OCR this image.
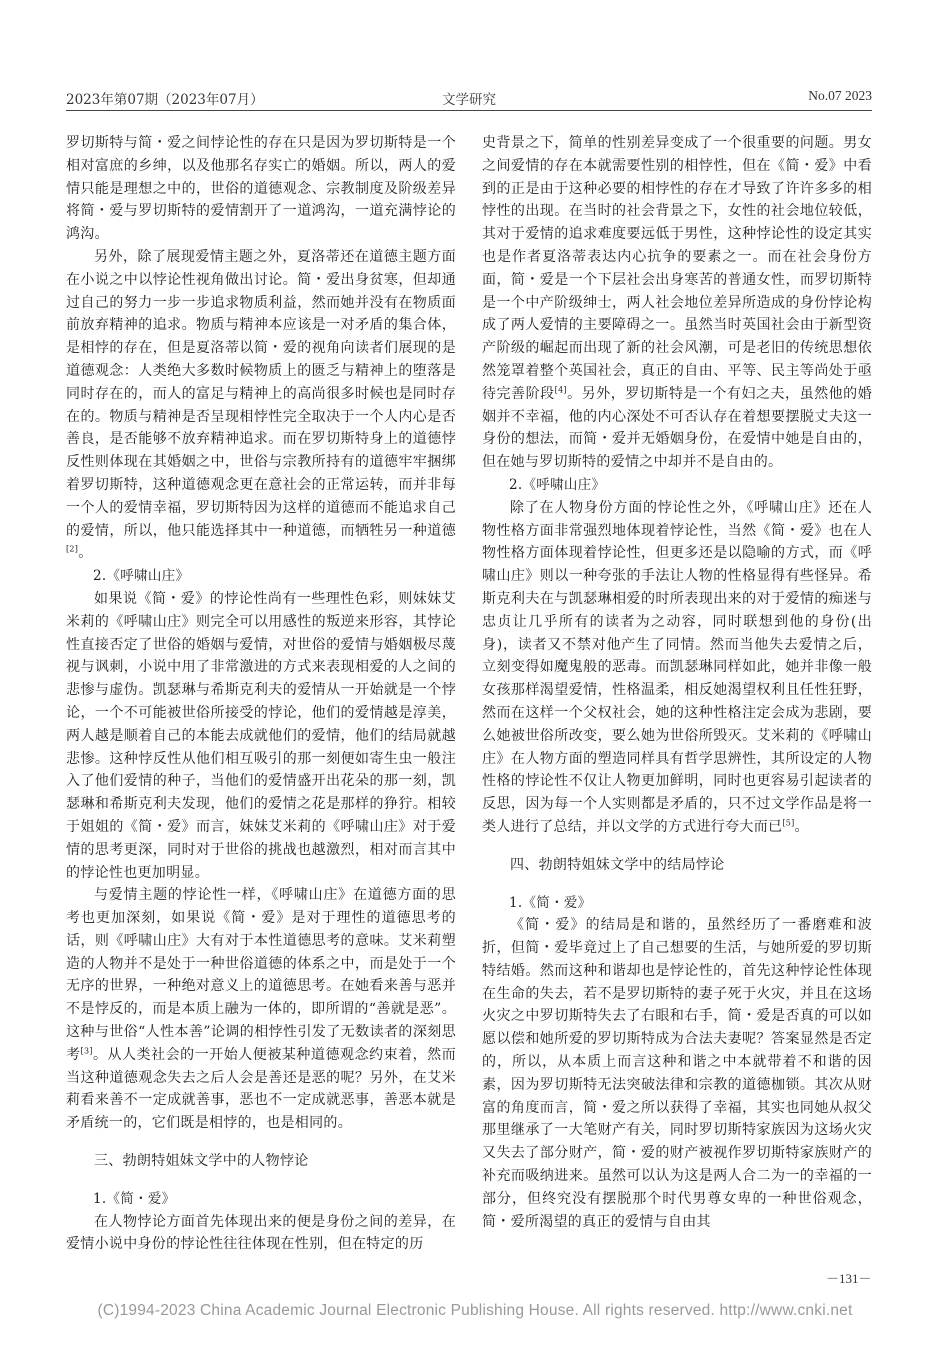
2023年第07期（2023年07月）	文学研究	No.07 2023

罗切斯特与简・爱之间悖论性的存在只是因为罗切斯特是一个相对富庶的乡绅，以及他那名存实亡的婚姻。所以，两人的爱情只能是理想之中的，世俗的道德观念、宗教制度及阶级差异将简・爱与罗切斯特的爱情割开了一道鸿沟，一道充满悖论的鸿沟。

另外，除了展现爱情主题之外，夏洛蒂还在道德主题方面在小说之中以悖论性视角做出讨论。简・爱出身贫寒，但却通过自己的努力一步一步追求物质利益，然而她并没有在物质面前放弃精神的追求。物质与精神本应该是一对矛盾的集合体，是相悖的存在，但是夏洛蒂以简・爱的视角向读者们展现的是道德观念：人类绝大多数时候物质上的匮乏与精神上的堕落是同时存在的，而人的富足与精神上的高尚很多时候也是同时存在的。物质与精神是否呈现相悖性完全取决于一个人内心是否善良，是否能够不放弃精神追求。而在罗切斯特身上的道德悖反性则体现在其婚姻之中，世俗与宗教所持有的道德牢牢捆绑着罗切斯特，这种道德观念更在意社会的正常运转，而并非每一个人的爱情幸福，罗切斯特因为这样的道德而不能追求自己的爱情，所以，他只能选择其中一种道德，而牺牲另一种道德[2]。

2.《呼啸山庄》

如果说《简・爱》的悖论性尚有一些理性色彩，则妹妹艾米莉的《呼啸山庄》则完全可以用感性的叛逆来形容，其悖论性直接否定了世俗的婚姻与爱情，对世俗的爱情与婚姻极尽蔑视与讽刺，小说中用了非常激进的方式来表现相爱的人之间的悲惨与虚伪。凯瑟琳与希斯克利夫的爱情从一开始就是一个悖论，一个不可能被世俗所接受的悖论，他们的爱情越是淳美，两人越是顺着自己的本能去成就他们的爱情，他们的结局就越悲惨。这种悖反性从他们相互吸引的那一刻便如寄生虫一般注入了他们爱情的种子，当他们的爱情盛开出花朵的那一刻，凯瑟琳和希斯克利夫发现，他们的爱情之花是那样的狰狞。相较于姐姐的《简・爱》而言，妹妹艾米莉的《呼啸山庄》对于爱情的思考更深，同时对于世俗的挑战也越激烈，相对而言其中的悖论性也更加明显。

与爱情主题的悖论性一样，《呼啸山庄》在道德方面的思考也更加深刻，如果说《简・爱》是对于理性的道德思考的话，则《呼啸山庄》大有对于本性道德思考的意味。艾米莉塑造的人物并不是处于一种世俗道德的体系之中，而是处于一个无序的世界，一种绝对意义上的道德思考。在她看来善与恶并不是悖反的，而是本质上融为一体的，即所谓的“善就是恶”。这种与世俗“人性本善”论调的相悖性引发了无数读者的深刻思考[3]。从人类社会的一开始人便被某种道德观念约束着，然而当这种道德观念失去之后人会是善还是恶的呢？另外，在艾米莉看来善不一定成就善事，恶也不一定成就恶事，善恶本就是矛盾统一的，它们既是相悖的，也是相同的。

三、勃朗特姐妹文学中的人物悖论

1.《简・爱》

在人物悖论方面首先体现出来的便是身份之间的差异，在爱情小说中身份的悖论性往往体现在性别，但在特定的历

史背景之下，简单的性别差异变成了一个很重要的问题。男女之间爱情的存在本就需要性别的相悖性，但在《简・爱》中看到的正是由于这种必要的相悖性的存在才导致了许许多多的相悖性的出现。在当时的社会背景之下，女性的社会地位较低，其对于爱情的追求难度要远低于男性，这种悖论性的设定其实也是作者夏洛蒂表达内心抗争的要素之一。而在社会身份方面，简・爱是一个下层社会出身寒苦的普通女性，而罗切斯特是一个中产阶级绅士，两人社会地位差异所造成的身份悖论构成了两人爱情的主要障碍之一。虽然当时英国社会由于新型资产阶级的崛起而出现了新的社会风潮，可是老旧的传统思想依然笼罩着整个英国社会，真正的自由、平等、民主等尚处于亟待完善阶段[4]。另外，罗切斯特是一个有妇之夫，虽然他的婚姻并不幸福，他的内心深处不可否认存在着想要摆脱丈夫这一身份的想法，而简・爱并无婚姻身份，在爱情中她是自由的，但在她与罗切斯特的爱情之中却并不是自由的。

2.《呼啸山庄》

除了在人物身份方面的悖论性之外，《呼啸山庄》还在人物性格方面非常强烈地体现着悖论性，当然《简・爱》也在人物性格方面体现着悖论性，但更多还是以隐喻的方式，而《呼啸山庄》则以一种夸张的手法让人物的性格显得有些怪异。希斯克利夫在与凯瑟琳相爱的时所表现出来的对于爱情的痴迷与忠贞让几乎所有的读者为之动容，同时联想到他的身份(出身)，读者又不禁对他产生了同情。然而当他失去爱情之后，立刻变得如魔鬼般的恶毒。而凯瑟琳同样如此，她并非像一般女孩那样渴望爱情，性格温柔，相反她渴望权利且任性狂野，然而在这样一个父权社会，她的这种性格注定会成为悲剧，要么她被世俗所改变，要么她为世俗所毁灭。艾米莉的《呼啸山庄》在人物方面的塑造同样具有哲学思辨性，其所设定的人物性格的悖论性不仅让人物更加鲜明，同时也更容易引起读者的反思，因为每一个人实则都是矛盾的，只不过文学作品是将一类人进行了总结，并以文学的方式进行夸大而已[5]。

四、勃朗特姐妹文学中的结局悖论

1.《简・爱》

《简・爱》的结局是和谐的，虽然经历了一番磨难和波折，但简・爱毕竟过上了自己想要的生活，与她所爱的罗切斯特结婚。然而这种和谐却也是悖论性的，首先这种悖论性体现在生命的失去，若不是罗切斯特的妻子死于火灾，并且在这场火灾之中罗切斯特失去了右眼和右手，简・爱是否真的可以如愿以偿和她所爱的罗切斯特成为合法夫妻呢？答案显然是否定的，所以，从本质上而言这种和谐之中本就带着不和谐的因素，因为罗切斯特无法突破法律和宗教的道德枷锁。其次从财富的角度而言，简・爱之所以获得了幸福，其实也同她从叔父那里继承了一大笔财产有关，同时罗切斯特家族因为这场火灾又失去了部分财产，简・爱的财产被视作罗切斯特家族财产的补充而吸纳进来。虽然可以认为这是两人合二为一的幸福的一部分，但终究没有摆脱那个时代男尊女卑的一种世俗观念，简・爱所渴望的真正的爱情与自由其

－131－
(C)1994-2023 China Academic Journal Electronic Publishing House. All rights reserved. http://www.cnki.net
